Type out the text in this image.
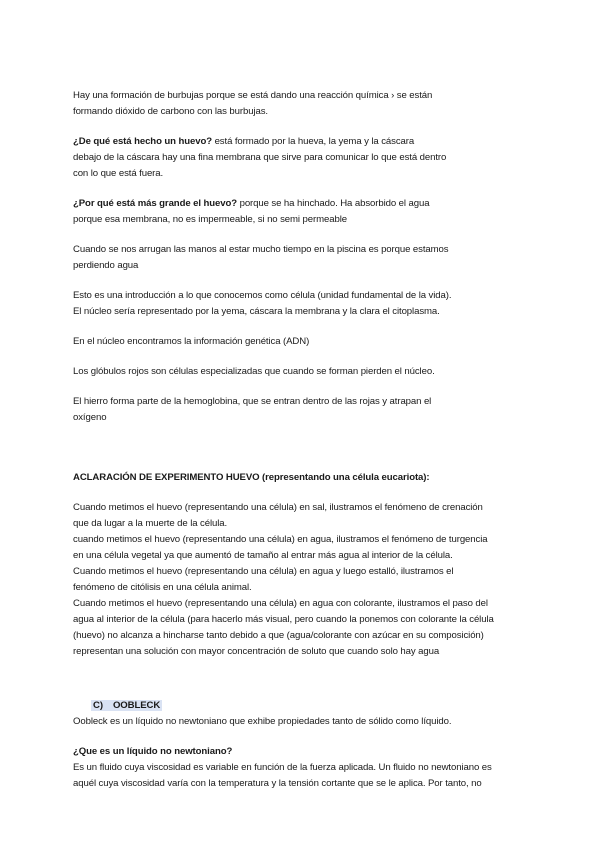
Hay una formación de burbujas porque se está dando una reacción química › se están
formando dióxido de carbono con las burbujas.
¿De qué está hecho un huevo? está formado por la hueva, la yema y la cáscara
debajo de la cáscara hay una fina membrana que sirve para comunicar lo que está dentro
con lo que está fuera.
¿Por qué está más grande el huevo? porque se ha hinchado. Ha absorbido el agua
porque esa membrana, no es impermeable, si no semi permeable
Cuando se nos arrugan las manos al estar mucho tiempo en la piscina es porque estamos
perdiendo agua
Esto es una introducción a lo que conocemos como célula (unidad fundamental de la vida).
El núcleo sería representado por la yema, cáscara la membrana y la clara el citoplasma.
En el núcleo encontramos la información genética (ADN)
Los glóbulos rojos son células especializadas que cuando se forman pierden el núcleo.
El hierro forma parte de la hemoglobina, que se entran dentro de las rojas y atrapan el
oxígeno
ACLARACIÓN DE EXPERIMENTO HUEVO (representando una célula eucariota):
Cuando metimos el huevo (representando una célula) en sal, ilustramos el fenómeno de crenación
que da lugar a la muerte de la célula.
cuando metimos el huevo (representando una célula) en agua, ilustramos el fenómeno de turgencia
en una célula vegetal ya que aumentó de tamaño al entrar más agua al interior de la célula.
Cuando metimos el huevo (representando una célula) en agua y luego estalló, ilustramos el
fenómeno de citólisis en una célula animal.
Cuando metimos el huevo (representando una célula) en agua con colorante, ilustramos el paso del
agua al interior de la célula (para hacerlo más visual, pero cuando la ponemos con colorante la célula
(huevo) no alcanza a hincharse tanto debido a que (agua/colorante con azúcar en su composición)
representan una solución con mayor concentración de soluto que cuando solo hay agua
C) OOBLECK
Oobleck es un líquido no newtoniano que exhibe propiedades tanto de sólido como líquido.
¿Que es un líquido no newtoniano?
Es un fluido cuya viscosidad es variable en función de la fuerza aplicada. Un fluido no newtoniano es
aquél cuya viscosidad varía con la temperatura y la tensión cortante que se le aplica. Por tanto, no
